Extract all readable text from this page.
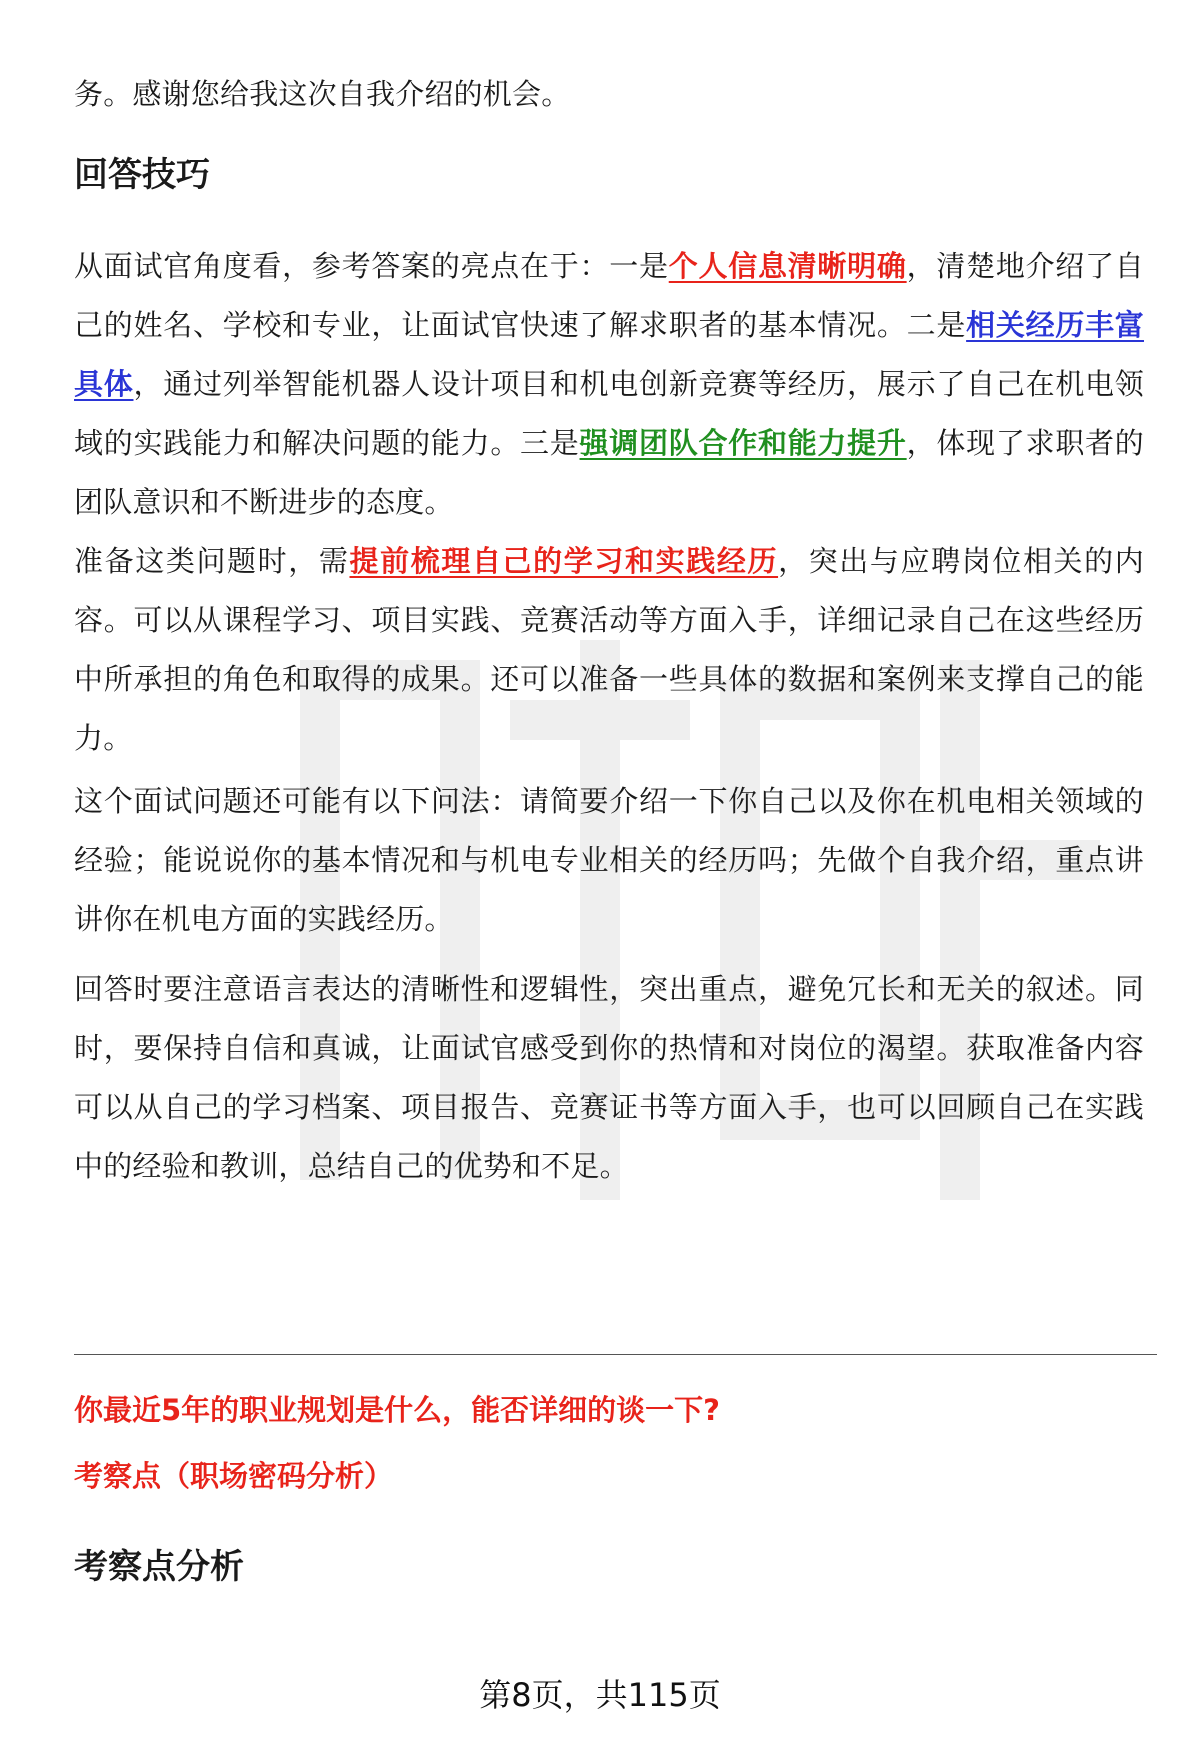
务。感谢您给我这次自我介绍的机会。

回答技巧

从面试官角度看，参考答案的亮点在于：一是个人信息清晰明确，清楚地介绍了自己的姓名、学校和专业，让面试官快速了解求职者的基本情况。二是相关经历丰富具体，通过列举智能机器人设计项目和机电创新竞赛等经历，展示了自己在机电领域的实践能力和解决问题的能力。三是强调团队合作和能力提升，体现了求职者的团队意识和不断进步的态度。

准备这类问题时，需提前梳理自己的学习和实践经历，突出与应聘岗位相关的内容。可以从课程学习、项目实践、竞赛活动等方面入手，详细记录自己在这些经历中所承担的角色和取得的成果。还可以准备一些具体的数据和案例来支撑自己的能力。

这个面试问题还可能有以下问法：请简要介绍一下你自己以及你在机电相关领域的经验；能说说你的基本情况和与机电专业相关的经历吗；先做个自我介绍，重点讲讲你在机电方面的实践经历。

回答时要注意语言表达的清晰性和逻辑性，突出重点，避免冗长和无关的叙述。同时，要保持自信和真诚，让面试官感受到你的热情和对岗位的渴望。获取准备内容可以从自己的学习档案、项目报告、竞赛证书等方面入手，也可以回顾自己在实践中的经验和教训，总结自己的优势和不足。

你最近5年的职业规划是什么，能否详细的谈一下?

考察点（职场密码分析）

考察点分析
第8页，共115页
